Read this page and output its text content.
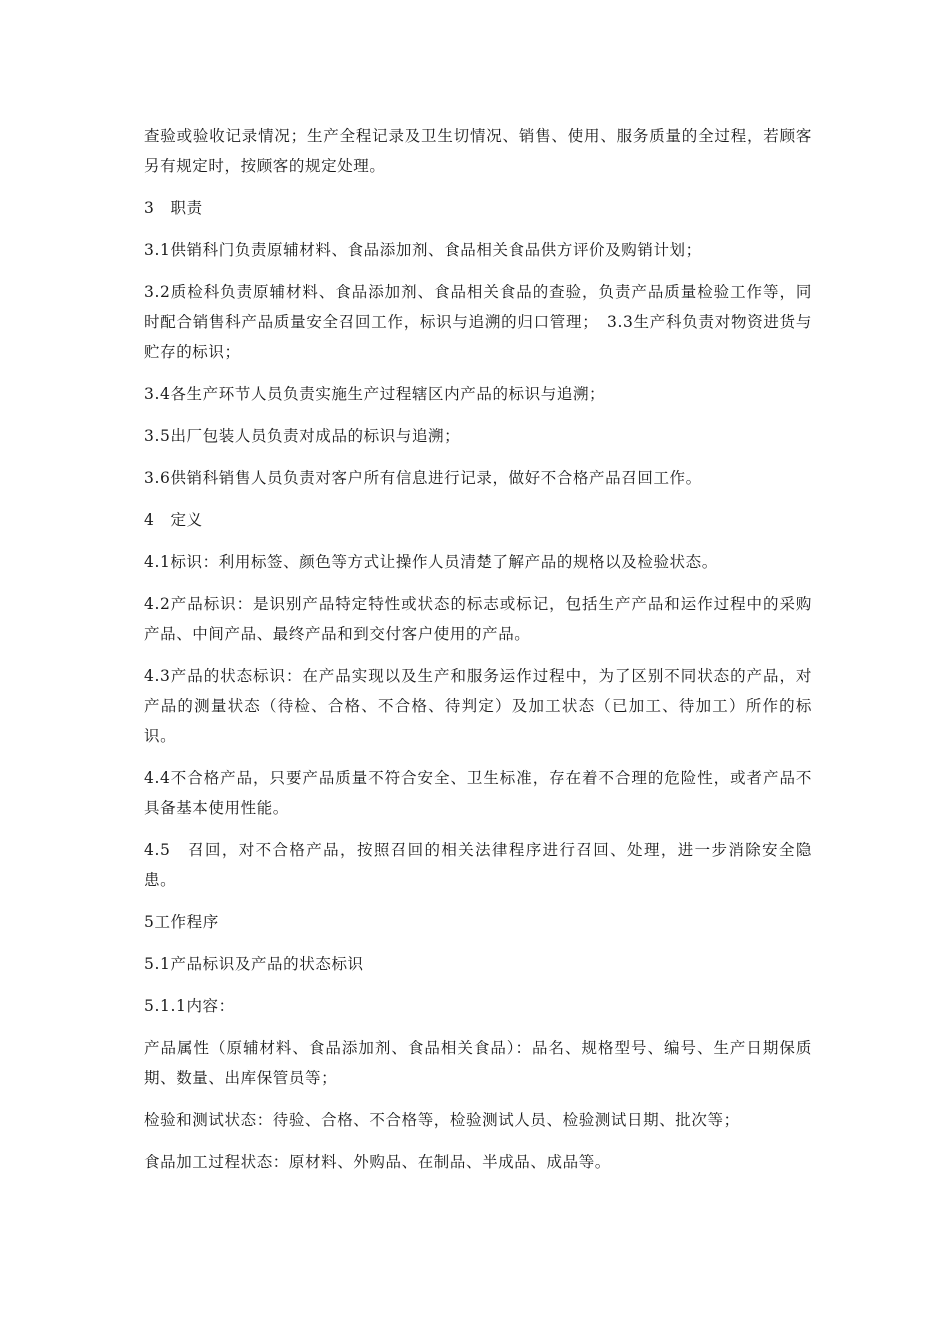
查验或验收记录情况；生产全程记录及卫生切情况、销售、使用、服务质量的全过程，若顾客另有规定时，按顾客的规定处理。

3　职责

3.1供销科门负责原辅材料、食品添加剂、食品相关食品供方评价及购销计划；

3.2质检科负责原辅材料、食品添加剂、食品相关食品的查验，负责产品质量检验工作等，同时配合销售科产品质量安全召回工作，标识与追溯的归口管理；　3.3生产科负责对物资进货与贮存的标识；

3.4各生产环节人员负责实施生产过程辖区内产品的标识与追溯；

3.5出厂包装人员负责对成品的标识与追溯；

3.6供销科销售人员负责对客户所有信息进行记录，做好不合格产品召回工作。

4　定义

4.1标识：利用标签、颜色等方式让操作人员清楚了解产品的规格以及检验状态。

4.2产品标识：是识别产品特定特性或状态的标志或标记，包括生产产品和运作过程中的采购产品、中间产品、最终产品和到交付客户使用的产品。

4.3产品的状态标识：在产品实现以及生产和服务运作过程中，为了区别不同状态的产品，对产品的测量状态（待检、合格、不合格、待判定）及加工状态（已加工、待加工）所作的标识。

4.4不合格产品，只要产品质量不符合安全、卫生标准，存在着不合理的危险性，或者产品不具备基本使用性能。

4.5　召回，对不合格产品，按照召回的相关法律程序进行召回、处理，进一步消除安全隐患。

5工作程序

5.1产品标识及产品的状态标识

5.1.1内容：

产品属性（原辅材料、食品添加剂、食品相关食品）：品名、规格型号、编号、生产日期保质期、数量、出库保管员等；

检验和测试状态：待验、合格、不合格等，检验测试人员、检验测试日期、批次等；

食品加工过程状态：原材料、外购品、在制品、半成品、成品等。
